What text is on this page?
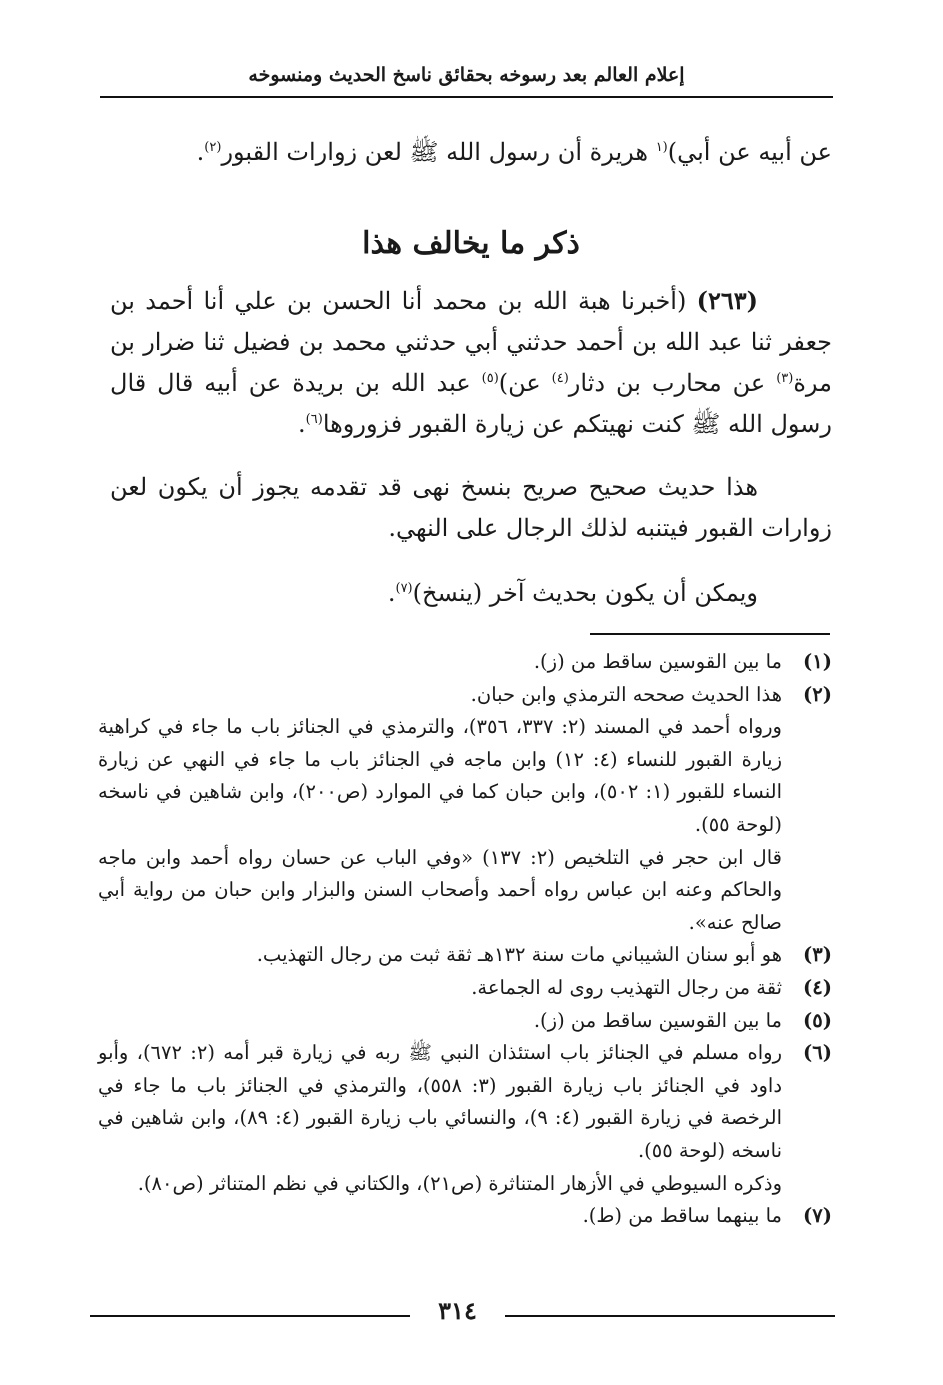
إعلام العالم بعد رسوخه بحقائق ناسخ الحديث ومنسوخه

عن أبيه عن أبي)$^{(١}$ هريرة أن رسول الله ﷺ لعن زوارات القبور$^{(٢)}$.

ذكر ما يخالف هذا

(٢٦٣) (أخبرنا هبة الله بن محمد أنا الحسن بن علي أنا أحمد بن جعفر ثنا عبد الله بن أحمد حدثني أبي حدثني محمد بن فضيل ثنا ضرار بن مرة$^{(٣)}$ عن محارب بن دثار$^{(٤)}$ عن)$^{(٥)}$ عبد الله بن بريدة عن أبيه قال قال رسول الله ﷺ كنت نهيتكم عن زيارة القبور فزوروها$^{(٦)}$.

هذا حديث صحيح صريح بنسخ نهى قد تقدمه يجوز أن يكون لعن زوارات القبور فيتنبه لذلك الرجال على النهي.

ويمكن أن يكون بحديث آخر (ينسخ)$^{(٧)}$.

(١)
ما بين القوسين ساقط من (ز).
(٢)
هذا الحديث صححه الترمذي وابن حبان.
ورواه أحمد في المسند (٢: ٣٣٧، ٣٥٦)، والترمذي في الجنائز باب ما جاء في كراهية زيارة القبور للنساء (٤: ١٢) وابن ماجه في الجنائز باب ما جاء في النهي عن زيارة النساء للقبور (١: ٥٠٢)، وابن حبان كما في الموارد (ص٢٠٠)، وابن شاهين في ناسخه (لوحة ٥٥).
قال ابن حجر في التلخيص (٢: ١٣٧) «وفي الباب عن حسان رواه أحمد وابن ماجه والحاكم وعنه ابن عباس رواه أحمد وأصحاب السنن والبزار وابن حبان من رواية أبي صالح عنه».
(٣)
هو أبو سنان الشيباني مات سنة ١٣٢هـ ثقة ثبت من رجال التهذيب.
(٤)
ثقة من رجال التهذيب روى له الجماعة.
(٥)
ما بين القوسين ساقط من (ز).
(٦)
رواه مسلم في الجنائز باب استئذان النبي ﷺ ربه في زيارة قبر أمه (٢: ٦٧٢)، وأبو داود في الجنائز باب زيارة القبور (٣: ٥٥٨)، والترمذي في الجنائز باب ما جاء في الرخصة في زيارة القبور (٤: ٩)، والنسائي باب زيارة القبور (٤: ٨٩)، وابن شاهين في ناسخه (لوحة ٥٥).
وذكره السيوطي في الأزهار المتناثرة (ص٢١)، والكتاني في نظم المتناثر (ص٨٠).
(٧)
ما بينهما ساقط من (ط).
٣١٤
